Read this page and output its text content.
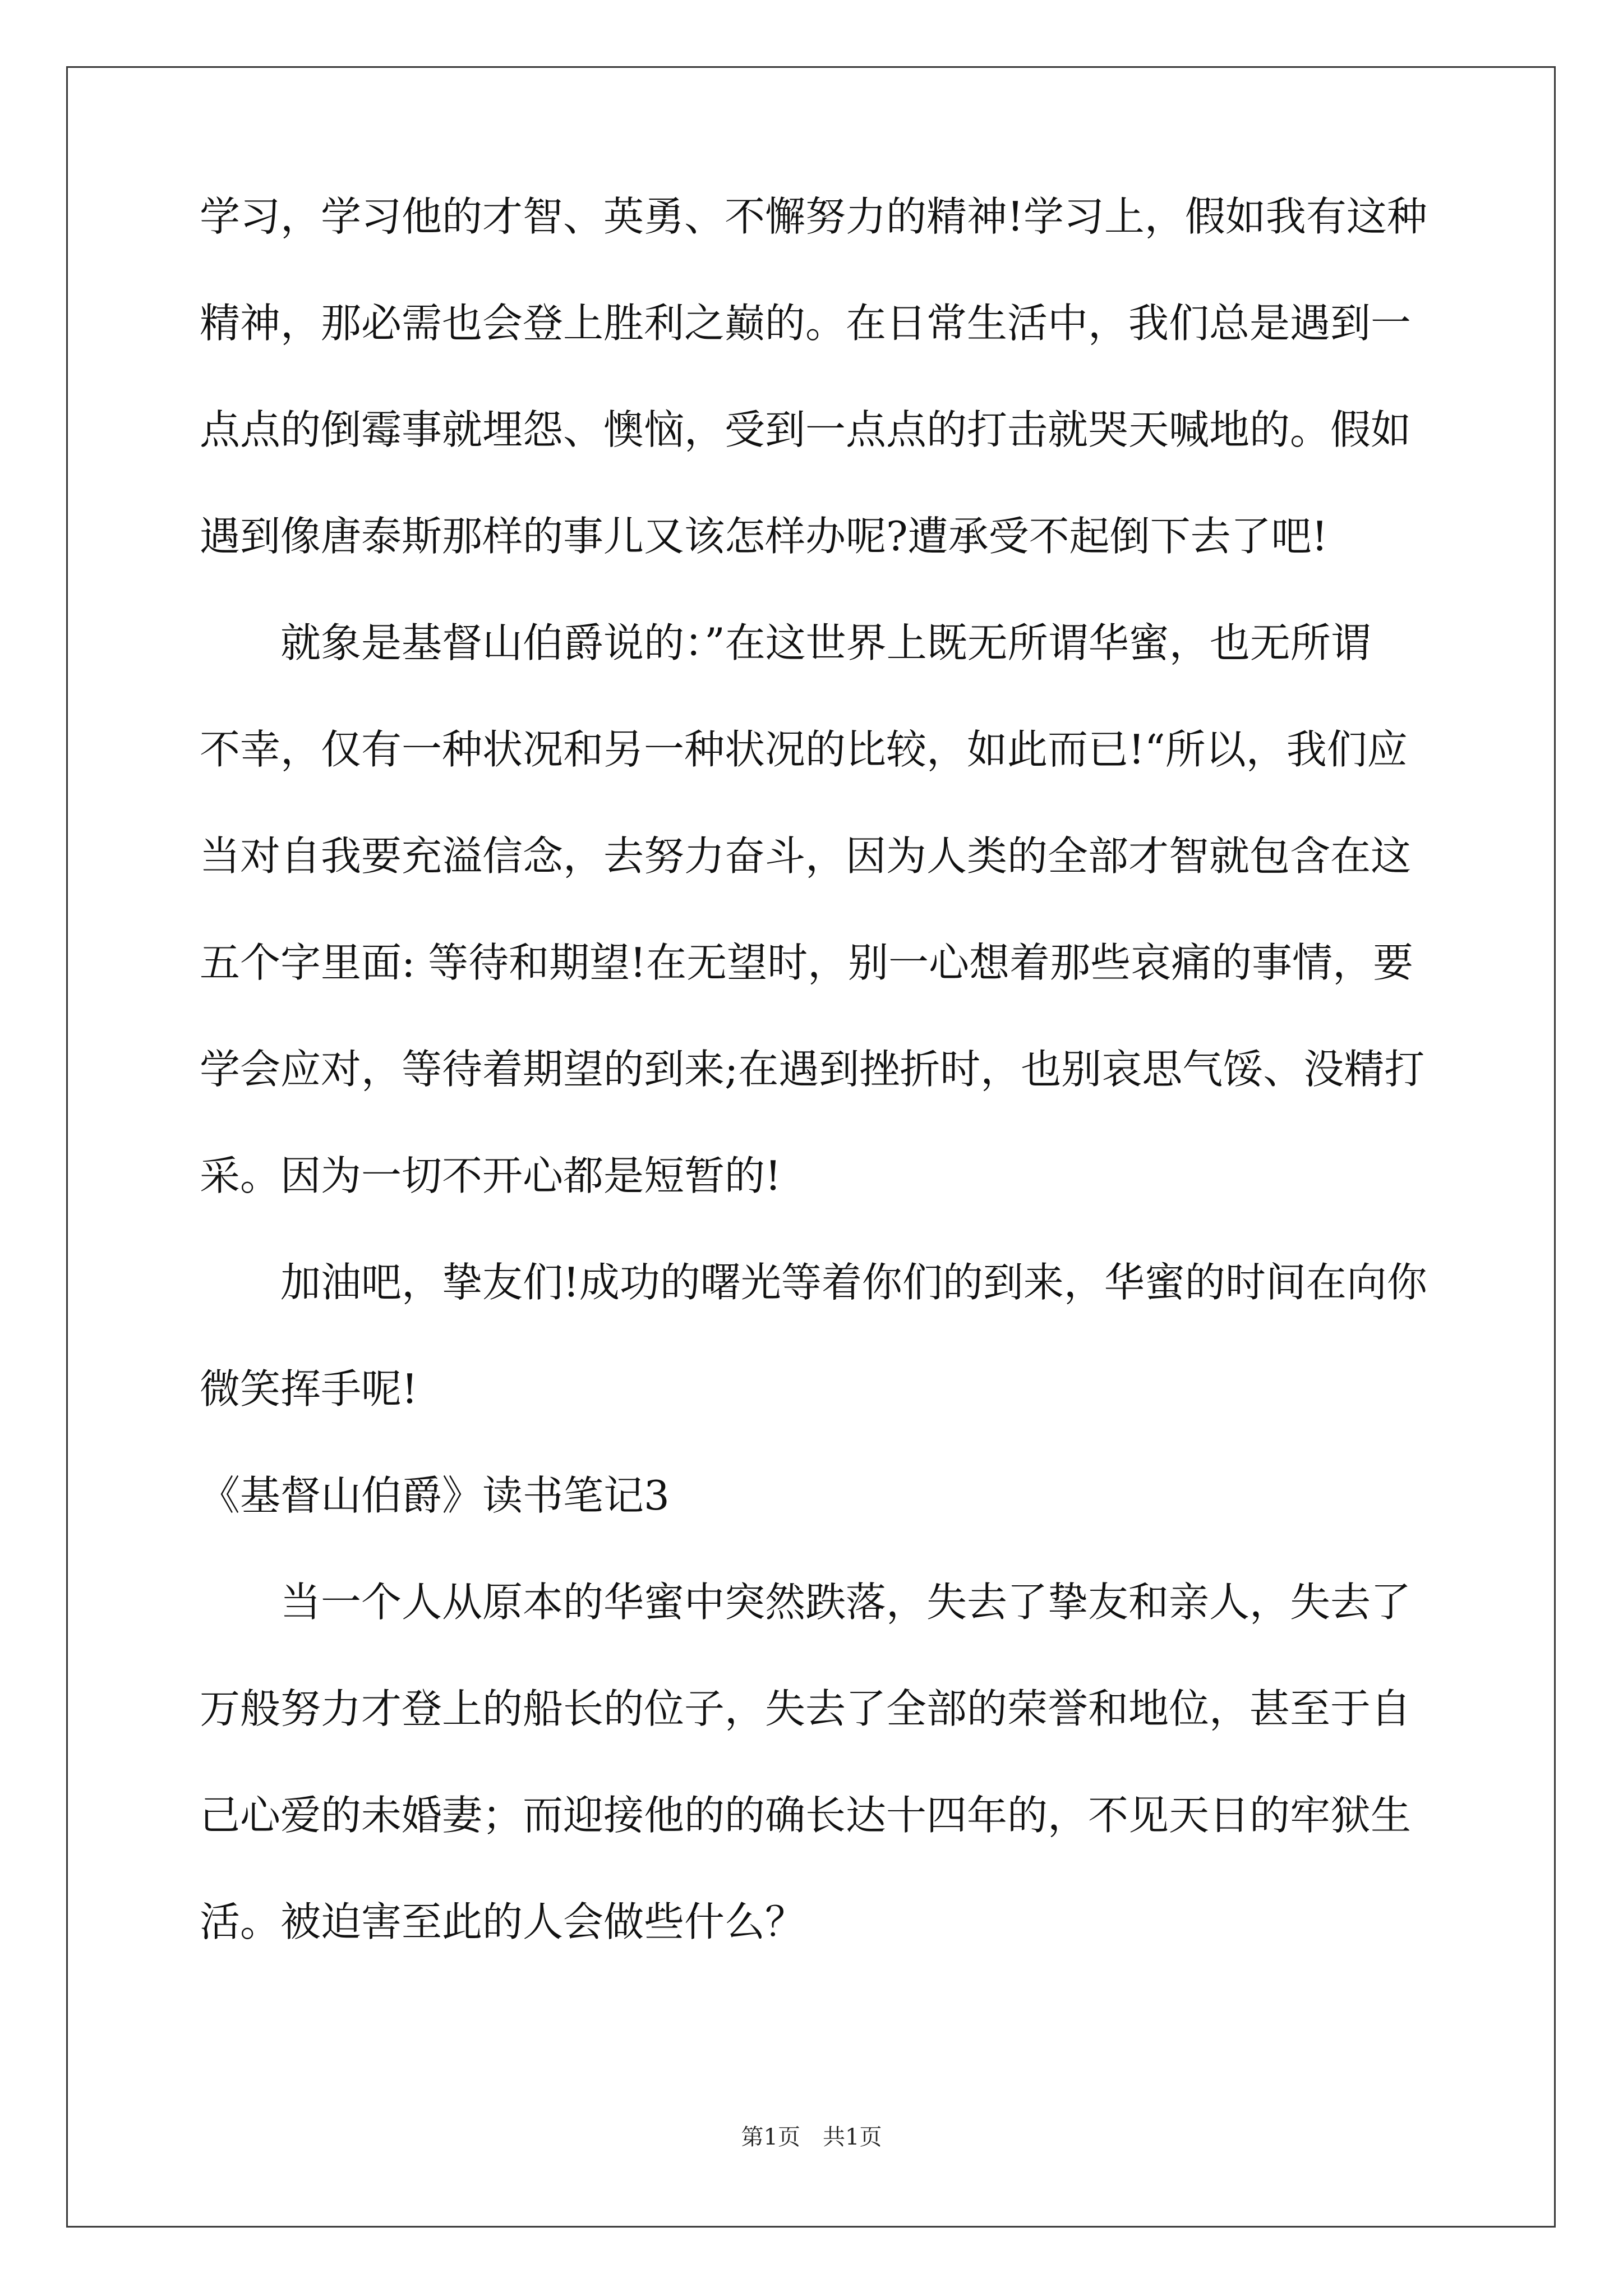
学习，学习他的才智、英勇、不懈努力的精神!学习上，假如我有这种
精神，那必需也会登上胜利之巅的。在日常生活中，我们总是遇到一
点点的倒霉事就埋怨、懊恼，受到一点点的打击就哭天喊地的。假如
遇到像唐泰斯那样的事儿又该怎样办呢?遭承受不起倒下去了吧!
就象是基督山伯爵说的：”在这世界上既无所谓华蜜，也无所谓
不幸，仅有一种状况和另一种状况的比较，如此而已!“所以，我们应
当对自我要充溢信念，去努力奋斗，因为人类的全部才智就包含在这
五个字里面: 等待和期望!在无望时，别一心想着那些哀痛的事情，要
学会应对，等待着期望的到来;在遇到挫折时，也别哀思气馁、没精打
采。因为一切不开心都是短暂的!
加油吧，挚友们!成功的曙光等着你们的到来，华蜜的时间在向你
微笑挥手呢!
《基督山伯爵》读书笔记3
当一个人从原本的华蜜中突然跌落，失去了挚友和亲人，失去了
万般努力才登上的船长的位子，失去了全部的荣誉和地位，甚至于自
己心爱的未婚妻；而迎接他的的确长达十四年的，不见天日的牢狱生
活。被迫害至此的人会做些什么？
第1页 共1页
